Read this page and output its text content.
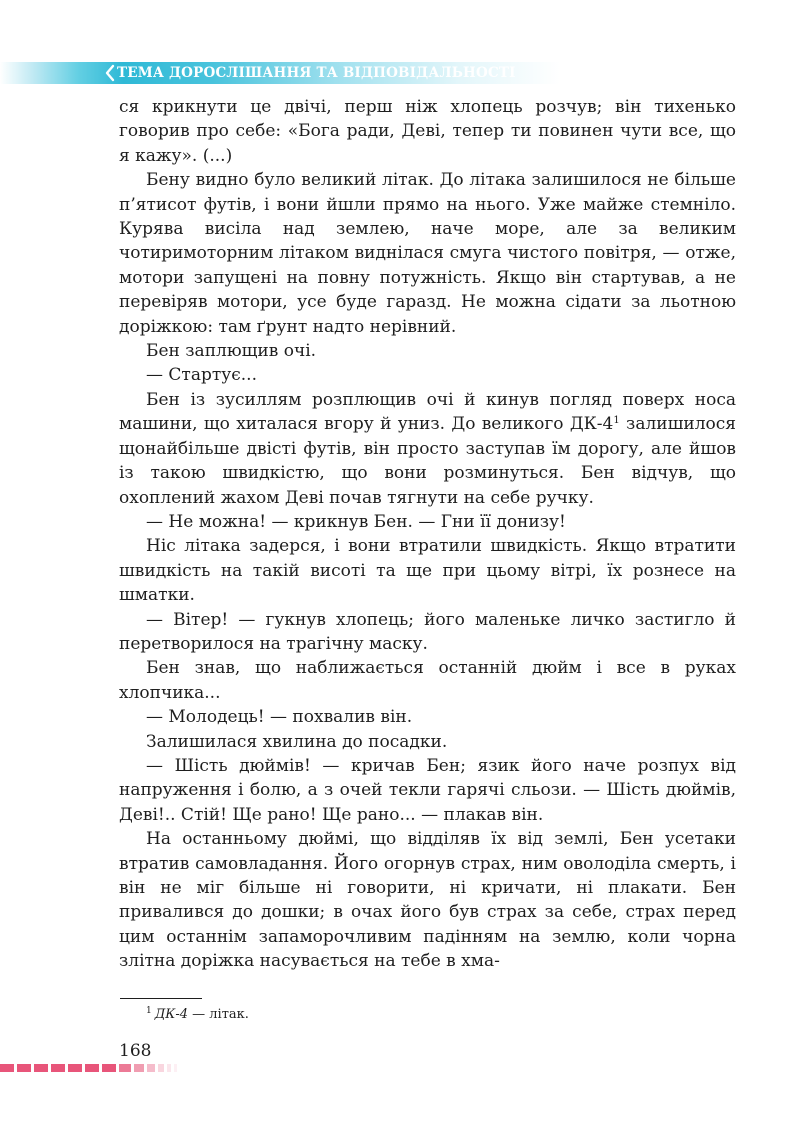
ТЕМА ДОРОСЛІШАННЯ ТА ВІДПОВІДАЛЬНОСТІ

ся крикнути це двічі, перш ніж хлопець розчув; він тихенько говорив про себе: «Бога ради, Деві, тепер ти повинен чути все, що я кажу». (...)

Бену видно було великий літак. До літака залишилося не більше п’ятисот футів, і вони йшли прямо на нього. Уже майже стемніло. Курява висіла над землею, наче море, але за великим чотиримоторним літаком виднілася смуга чистого повітря, — отже, мотори запущені на повну потужність. Якщо він стартував, а не перевіряв мотори, усе буде гаразд. Не можна сідати за льотною доріжкою: там ґрунт надто нерівний.

Бен заплющив очі.

— Стартує...

Бен із зусиллям розплющив очі й кинув погляд поверх носа машини, що хиталася вгору й униз. До великого $ДК-4^1$ залишилося щонайбільше двісті футів, він просто заступав їм дорогу, але йшов із такою швидкістю, що вони розминуться. Бен відчув, що охоплений жахом Деві почав тягнути на себе ручку.

— Не можна! — крикнув Бен. — Гни її донизу!

Ніс літака задерся, і вони втратили швидкість. Якщо втратити швидкість на такій висоті та ще при цьому вітрі, їх рознесе на шматки.

— Вітер! — гукнув хлопець; його маленьке личко застигло й перетворилося на трагічну маску.

Бен знав, що наближається останній дюйм і все в руках хлопчика...

— Молодець! — похвалив він.

Залишилася хвилина до посадки.

— Шість дюймів! — кричав Бен; язик його наче розпух від напруження і болю, а з очей текли гарячі сльози. — Шість дюймів, Деві!.. Стій! Ще рано! Ще рано... — плакав він.

На останньому дюймі, що відділяв їх від землі, Бен усетаки втратив самовладання. Його огорнув страх, ним оволоділа смерть, і він не міг більше ні говорити, ні кричати, ні плакати. Бен привалився до дошки; в очах його був страх за себе, страх перед цим останнім запаморочливим падінням на землю, коли чорна злітна доріжка насувається на тебе в хма-

$^1$ ДК-4 — літак.
168
